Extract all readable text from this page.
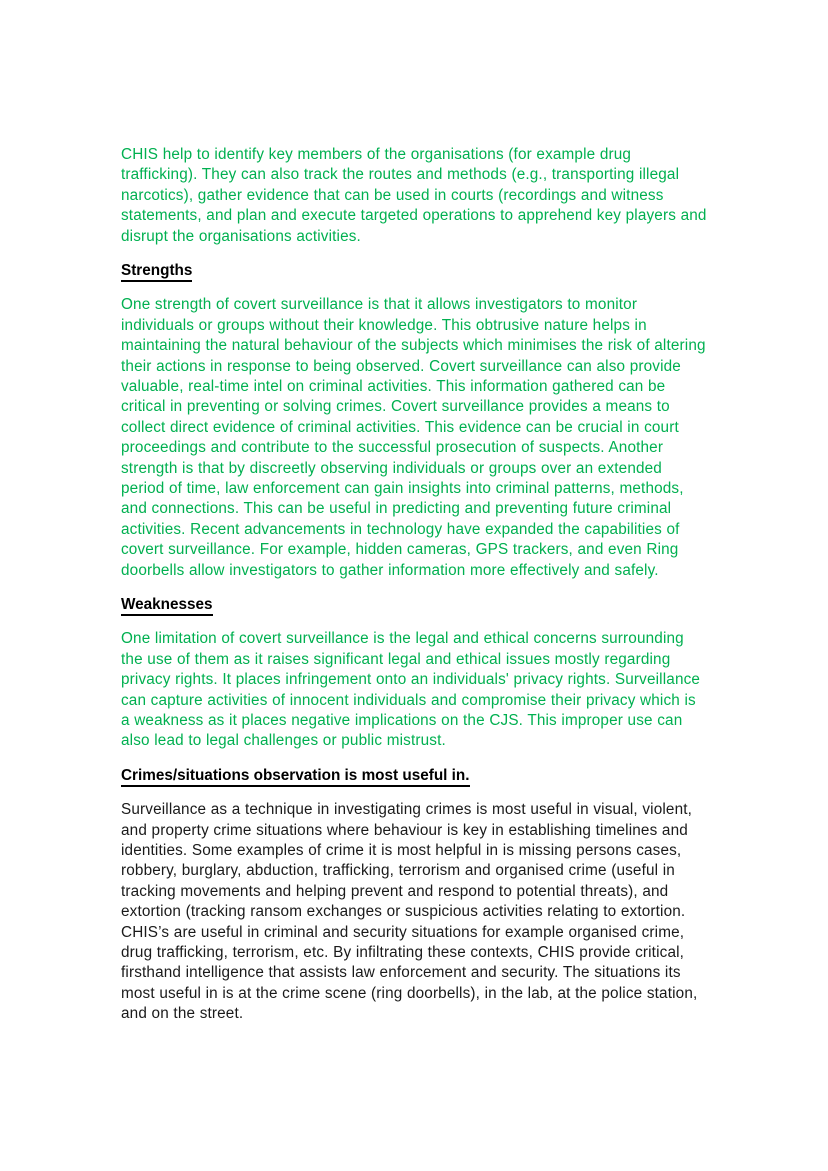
CHIS help to identify key members of the organisations (for example drug trafficking). They can also track the routes and methods (e.g., transporting illegal narcotics), gather evidence that can be used in courts (recordings and witness statements, and plan and execute targeted operations to apprehend key players and disrupt the organisations activities.

Strengths

One strength of covert surveillance is that it allows investigators to monitor individuals or groups without their knowledge. This obtrusive nature helps in maintaining the natural behaviour of the subjects which minimises the risk of altering their actions in response to being observed. Covert surveillance can also provide valuable, real-time intel on criminal activities. This information gathered can be critical in preventing or solving crimes. Covert surveillance provides a means to collect direct evidence of criminal activities. This evidence can be crucial in court proceedings and contribute to the successful prosecution of suspects. Another strength is that by discreetly observing individuals or groups over an extended period of time, law enforcement can gain insights into criminal patterns, methods, and connections. This can be useful in predicting and preventing future criminal activities. Recent advancements in technology have expanded the capabilities of covert surveillance. For example, hidden cameras, GPS trackers, and even Ring doorbells allow investigators to gather information more effectively and safely.

Weaknesses

One limitation of covert surveillance is the legal and ethical concerns surrounding the use of them as it raises significant legal and ethical issues mostly regarding privacy rights. It places infringement onto an individuals' privacy rights. Surveillance can capture activities of innocent individuals and compromise their privacy which is a weakness as it places negative implications on the CJS. This improper use can also lead to legal challenges or public mistrust.

Crimes/situations observation is most useful in.

Surveillance as a technique in investigating crimes is most useful in visual, violent, and property crime situations where behaviour is key in establishing timelines and identities. Some examples of crime it is most helpful in is missing persons cases, robbery, burglary, abduction, trafficking, terrorism and organised crime (useful in tracking movements and helping prevent and respond to potential threats), and extortion (tracking ransom exchanges or suspicious activities relating to extortion. CHIS’s are useful in criminal and security situations for example organised crime, drug trafficking, terrorism, etc. By infiltrating these contexts, CHIS provide critical, firsthand intelligence that assists law enforcement and security. The situations its most useful in is at the crime scene (ring doorbells), in the lab, at the police station, and on the street.
